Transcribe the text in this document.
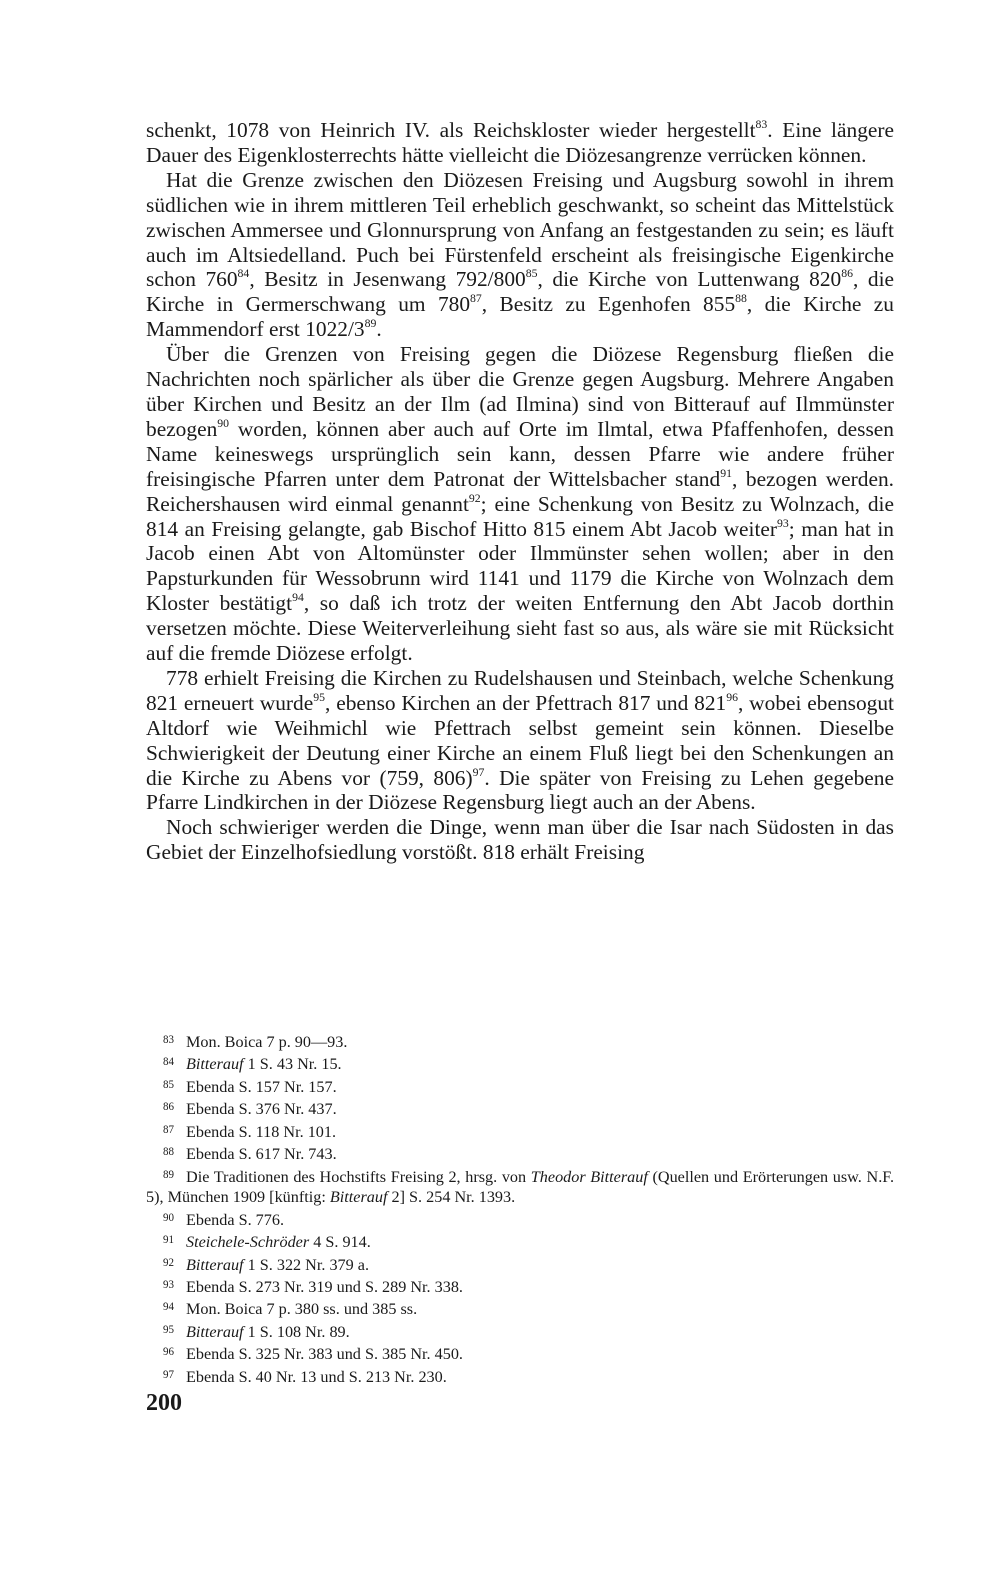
schenkt, 1078 von Heinrich IV. als Reichskloster wieder hergestellt$^{83}$. Eine längere Dauer des Eigenklosterrechts hätte vielleicht die Diözesangrenze verrücken können.

Hat die Grenze zwischen den Diözesen Freising und Augsburg sowohl in ihrem südlichen wie in ihrem mittleren Teil erheblich geschwankt, so scheint das Mittelstück zwischen Ammersee und Glonnursprung von Anfang an festgestanden zu sein; es läuft auch im Altsiedelland. Puch bei Fürstenfeld erscheint als freisingische Eigenkirche schon $760^{84}$, Besitz in Jesenwang $792/800^{85}$, die Kirche von Luttenwang $820^{86}$, die Kirche in Germerschwang um $780^{87}$, Besitz zu Egenhofen $855^{88}$, die Kirche zu Mammendorf erst $1022/3^{89}$.

Über die Grenzen von Freising gegen die Diözese Regensburg fließen die Nachrichten noch spärlicher als über die Grenze gegen Augsburg. Mehrere Angaben über Kirchen und Besitz an der Ilm (ad Ilmina) sind von Bitterauf auf Ilmmünster bezogen$^{90}$ worden, können aber auch auf Orte im Ilmtal, etwa Pfaffenhofen, dessen Name keineswegs ursprünglich sein kann, dessen Pfarre wie andere früher freisingische Pfarren unter dem Patronat der Wittelsbacher stand$^{91}$, bezogen werden. Reichershausen wird einmal genannt$^{92}$; eine Schenkung von Besitz zu Wolnzach, die 814 an Freising gelangte, gab Bischof Hitto 815 einem Abt Jacob weiter$^{93}$; man hat in Jacob einen Abt von Altomünster oder Ilmmünster sehen wollen; aber in den Papsturkunden für Wessobrunn wird 1141 und 1179 die Kirche von Wolnzach dem Kloster bestätigt$^{94}$, so daß ich trotz der weiten Entfernung den Abt Jacob dorthin versetzen möchte. Diese Weiterverleihung sieht fast so aus, als wäre sie mit Rücksicht auf die fremde Diözese erfolgt.

778 erhielt Freising die Kirchen zu Rudelshausen und Steinbach, welche Schenkung 821 erneuert wurde$^{95}$, ebenso Kirchen an der Pfettrach 817 und $821^{96}$, wobei ebensogut Altdorf wie Weihmichl wie Pfettrach selbst gemeint sein können. Dieselbe Schwierigkeit der Deutung einer Kirche an einem Fluß liegt bei den Schenkungen an die Kirche zu Abens vor (759, 806)$^{97}$. Die später von Freising zu Lehen gegebene Pfarre Lindkirchen in der Diözese Regensburg liegt auch an der Abens.

Noch schwieriger werden die Dinge, wenn man über die Isar nach Südosten in das Gebiet der Einzelhofsiedlung vorstößt. 818 erhält Freising

83 Mon. Boica 7 p. 90—93.

84 Bitterauf 1 S. 43 Nr. 15.

85 Ebenda S. 157 Nr. 157.

86 Ebenda S. 376 Nr. 437.

87 Ebenda S. 118 Nr. 101.

88 Ebenda S. 617 Nr. 743.

89 Die Traditionen des Hochstifts Freising 2, hrsg. von Theodor Bitterauf (Quellen und Erörterungen usw. N.F. 5), München 1909 [künftig: Bitterauf 2] S. 254 Nr. 1393.

90 Ebenda S. 776.

91 Steichele-Schröder 4 S. 914.

92 Bitterauf 1 S. 322 Nr. 379 a.

93 Ebenda S. 273 Nr. 319 und S. 289 Nr. 338.

94 Mon. Boica 7 p. 380 ss. und 385 ss.

95 Bitterauf 1 S. 108 Nr. 89.

96 Ebenda S. 325 Nr. 383 und S. 385 Nr. 450.

97 Ebenda S. 40 Nr. 13 und S. 213 Nr. 230.

200
